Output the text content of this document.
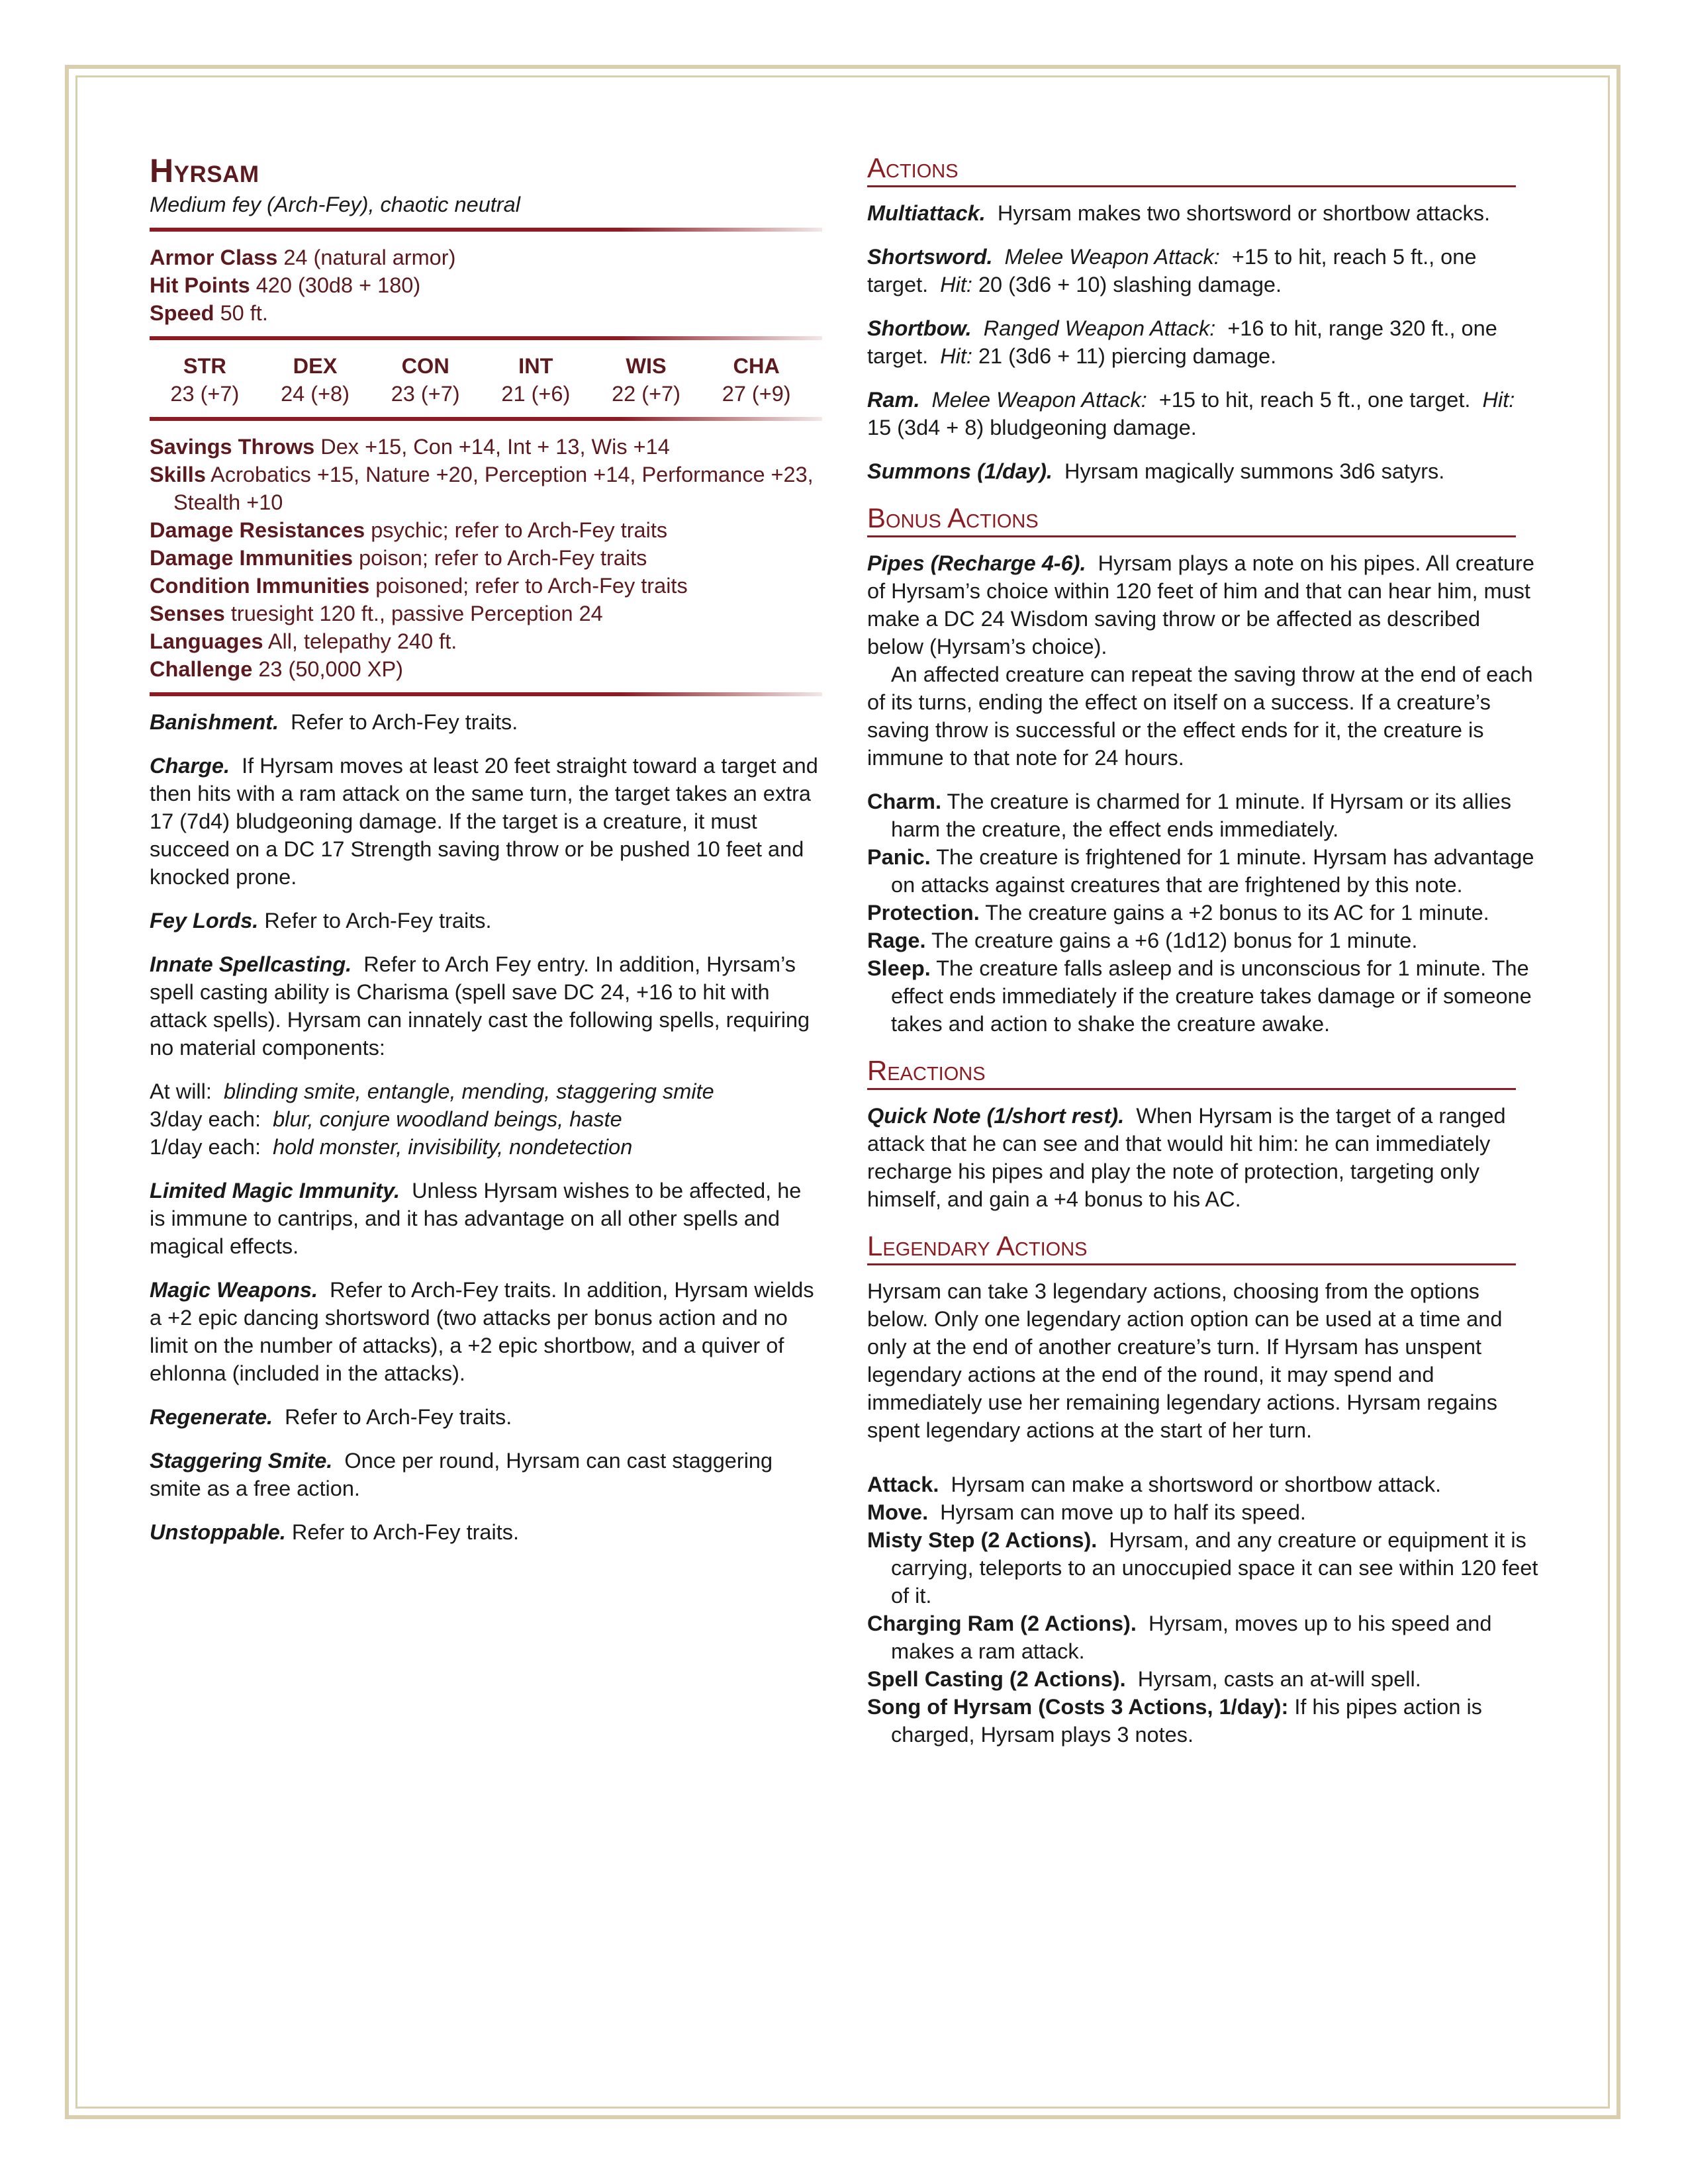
Hyrsam

Medium fey (Arch-Fey), chaotic neutral

Armor Class 24 (natural armor)

Hit Points 420 (30d8 + 180)

Speed 50 ft.

STR
23 (+7)
DEX
24 (+8)
CON
23 (+7)
INT
21 (+6)
WIS
22 (+7)
CHA
27 (+9)

Savings Throws Dex +15, Con +14, Int + 13, Wis +14

Skills Acrobatics +15, Nature +20, Perception +14, Performance +23, Stealth +10

Damage Resistances psychic; refer to Arch-Fey traits

Damage Immunities poison; refer to Arch-Fey traits

Condition Immunities poisoned; refer to Arch-Fey traits

Senses truesight 120 ft., passive Perception 24

Languages All, telepathy 240 ft.

Challenge 23 (50,000 XP)

Banishment. Refer to Arch-Fey traits.

Charge. If Hyrsam moves at least 20 feet straight toward a target and then hits with a ram attack on the same turn, the target takes an extra 17 (7d4) bludgeoning damage. If the target is a creature, it must succeed on a DC 17 Strength saving throw or be pushed 10 feet and knocked prone.

Fey Lords. Refer to Arch-Fey traits.

Innate Spellcasting. Refer to Arch Fey entry. In addition, Hyrsam’s spell casting ability is Charisma (spell save DC 24, +16 to hit with attack spells). Hyrsam can innately cast the following spells, requiring no material components:

At will: blinding smite, entangle, mending, staggering smite

3/day each: blur, conjure woodland beings, haste

1/day each: hold monster, invisibility, nondetection

Limited Magic Immunity. Unless Hyrsam wishes to be affected, he is immune to cantrips, and it has advantage on all other spells and magical effects.

Magic Weapons. Refer to Arch-Fey traits. In addition, Hyrsam wields a +2 epic dancing shortsword (two attacks per bonus action and no limit on the number of attacks), a +2 epic shortbow, and a quiver of ehlonna (included in the attacks).

Regenerate. Refer to Arch-Fey traits.

Staggering Smite. Once per round, Hyrsam can cast staggering smite as a free action.

Unstoppable. Refer to Arch-Fey traits.

Actions

Multiattack. Hyrsam makes two shortsword or shortbow attacks.

Shortsword. Melee Weapon Attack: +15 to hit, reach 5 ft., one target. Hit: 20 (3d6 + 10) slashing damage.

Shortbow. Ranged Weapon Attack: +16 to hit, range 320 ft., one target. Hit: 21 (3d6 + 11) piercing damage.

Ram. Melee Weapon Attack: +15 to hit, reach 5 ft., one target. Hit: 15 (3d4 + 8) bludgeoning damage.

Summons (1/day). Hyrsam magically summons 3d6 satyrs.

Bonus Actions

Pipes (Recharge 4-6). Hyrsam plays a note on his pipes. All creature of Hyrsam’s choice within 120 feet of him and that can hear him, must make a DC 24 Wisdom saving throw or be affected as described below (Hyrsam’s choice).

An affected creature can repeat the saving throw at the end of each of its turns, ending the effect on itself on a success. If a creature’s saving throw is successful or the effect ends for it, the creature is immune to that note for 24 hours.

Charm. The creature is charmed for 1 minute. If Hyrsam or its allies harm the creature, the effect ends immediately.

Panic. The creature is frightened for 1 minute. Hyrsam has advantage on attacks against creatures that are frightened by this note.

Protection. The creature gains a +2 bonus to its AC for 1 minute.

Rage. The creature gains a +6 (1d12) bonus for 1 minute.

Sleep. The creature falls asleep and is unconscious for 1 minute. The effect ends immediately if the creature takes damage or if someone takes and action to shake the creature awake.

Reactions

Quick Note (1/short rest). When Hyrsam is the target of a ranged attack that he can see and that would hit him: he can immediately recharge his pipes and play the note of protection, targeting only himself, and gain a +4 bonus to his AC.

Legendary Actions

Hyrsam can take 3 legendary actions, choosing from the options below. Only one legendary action option can be used at a time and only at the end of another creature’s turn. If Hyrsam has unspent legendary actions at the end of the round, it may spend and immediately use her remaining legendary actions. Hyrsam regains spent legendary actions at the start of her turn.

Attack. Hyrsam can make a shortsword or shortbow attack.

Move. Hyrsam can move up to half its speed.

Misty Step (2 Actions). Hyrsam, and any creature or equipment it is carrying, teleports to an unoccupied space it can see within 120 feet of it.

Charging Ram (2 Actions). Hyrsam, moves up to his speed and makes a ram attack.

Spell Casting (2 Actions). Hyrsam, casts an at-will spell.

Song of Hyrsam (Costs 3 Actions, 1/day): If his pipes action is charged, Hyrsam plays 3 notes.
